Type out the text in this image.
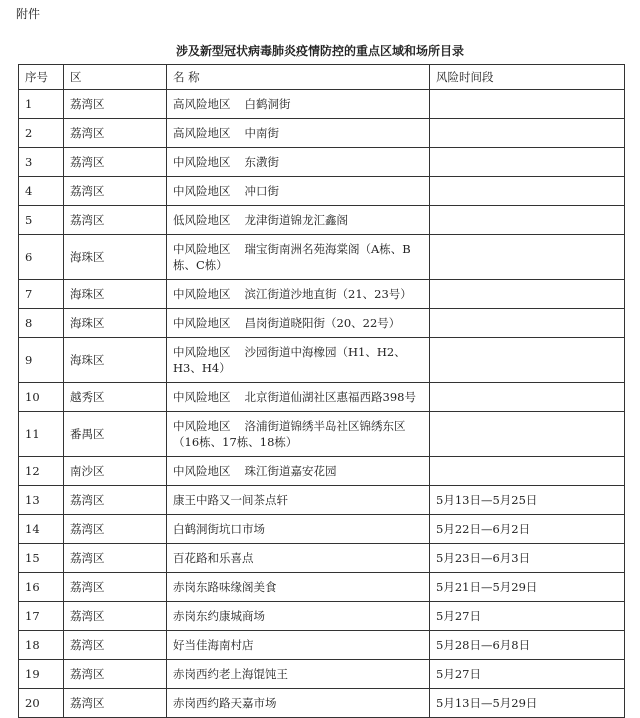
附件
涉及新型冠状病毒肺炎疫情防控的重点区域和场所目录
序号	区	名 称	风险时间段
1	荔湾区	高风险地区 白鹤洞街	
2	荔湾区	高风险地区 中南街	
3	荔湾区	中风险地区 东漖街	
4	荔湾区	中风险地区 冲口街	
5	荔湾区	低风险地区 龙津街道锦龙汇鑫阁	
6	海珠区	中风险地区 瑞宝街南洲名苑海棠阁（A栋、B栋、C栋）	
7	海珠区	中风险地区 滨江街道沙地直街（21、23号）	
8	海珠区	中风险地区 昌岗街道晓阳街（20、22号）	
9	海珠区	中风险地区 沙园街道中海橡园（H1、H2、H3、H4）	
10	越秀区	中风险地区 北京街道仙湖社区惠福西路398号	
11	番禺区	中风险地区 洛浦街道锦绣半岛社区锦绣东区（16栋、17栋、18栋）	
12	南沙区	中风险地区 珠江街道嘉安花园	
13	荔湾区	康王中路又一间茶点轩	5月13日—5月25日
14	荔湾区	白鹤洞街坑口市场	5月22日—6月2日
15	荔湾区	百花路和乐喜点	5月23日—6月3日
16	荔湾区	赤岗东路味缘阁美食	5月21日—5月29日
17	荔湾区	赤岗东约康城商场	5月27日
18	荔湾区	好当佳海南村店	5月28日—6月8日
19	荔湾区	赤岗西约老上海馄饨王	5月27日
20	荔湾区	赤岗西约路天嘉市场	5月13日—5月29日
